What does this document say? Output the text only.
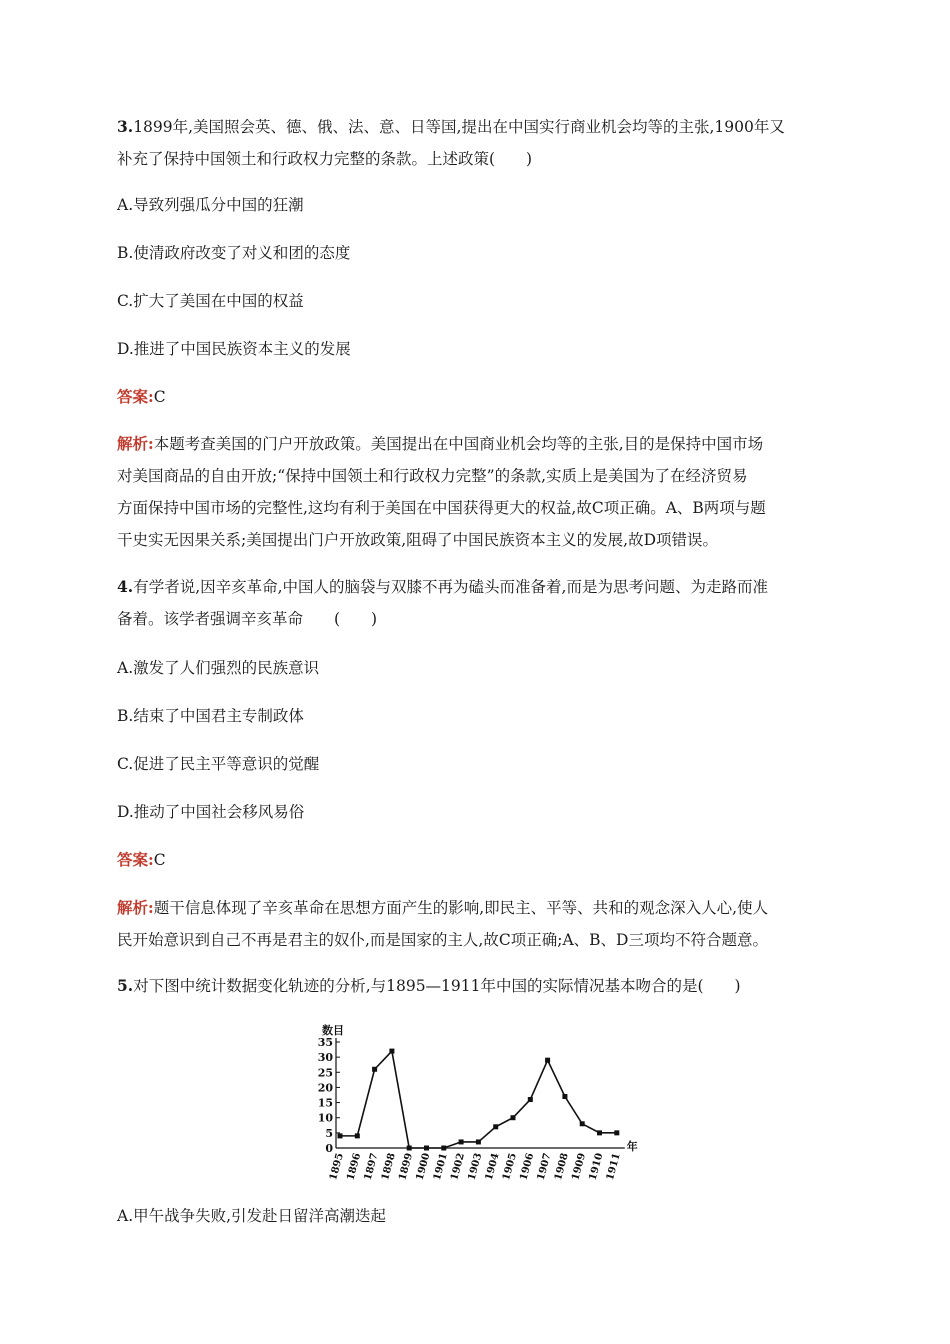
3.1899年,美国照会英、德、俄、法、意、日等国,提出在中国实行商业机会均等的主张,1900年又
补充了保持中国领土和行政权力完整的条款。上述政策(　　)
A.导致列强瓜分中国的狂潮
B.使清政府改变了对义和团的态度
C.扩大了美国在中国的权益
D.推进了中国民族资本主义的发展
答案:C
解析:本题考查美国的门户开放政策。美国提出在中国商业机会均等的主张,目的是保持中国市场
对美国商品的自由开放;“保持中国领土和行政权力完整”的条款,实质上是美国为了在经济贸易
方面保持中国市场的完整性,这均有利于美国在中国获得更大的权益,故C项正确。A、B两项与题
干史实无因果关系;美国提出门户开放政策,阻碍了中国民族资本主义的发展,故D项错误。
4.有学者说,因辛亥革命,中国人的脑袋与双膝不再为磕头而准备着,而是为思考问题、为走路而准
备着。该学者强调辛亥革命　　(　　)
A.激发了人们强烈的民族意识
B.结束了中国君主专制政体
C.促进了民主平等意识的觉醒
D.推动了中国社会移风易俗
答案:C
解析:题干信息体现了辛亥革命在思想方面产生的影响,即民主、平等、共和的观念深入人心,使人
民开始意识到自己不再是君主的奴仆,而是国家的主人,故C项正确;A、B、D三项均不符合题意。
5.对下图中统计数据变化轨迹的分析,与1895—1911年中国的实际情况基本吻合的是(　　)
数目
年
0
5
10
15
20
25
30
35
1895 1896 1897 1898 1899 1900 1901 1902 1903 1904 1905 1906 1907 1908 1909 1910 1911
A.甲午战争失败,引发赴日留洋高潮迭起
